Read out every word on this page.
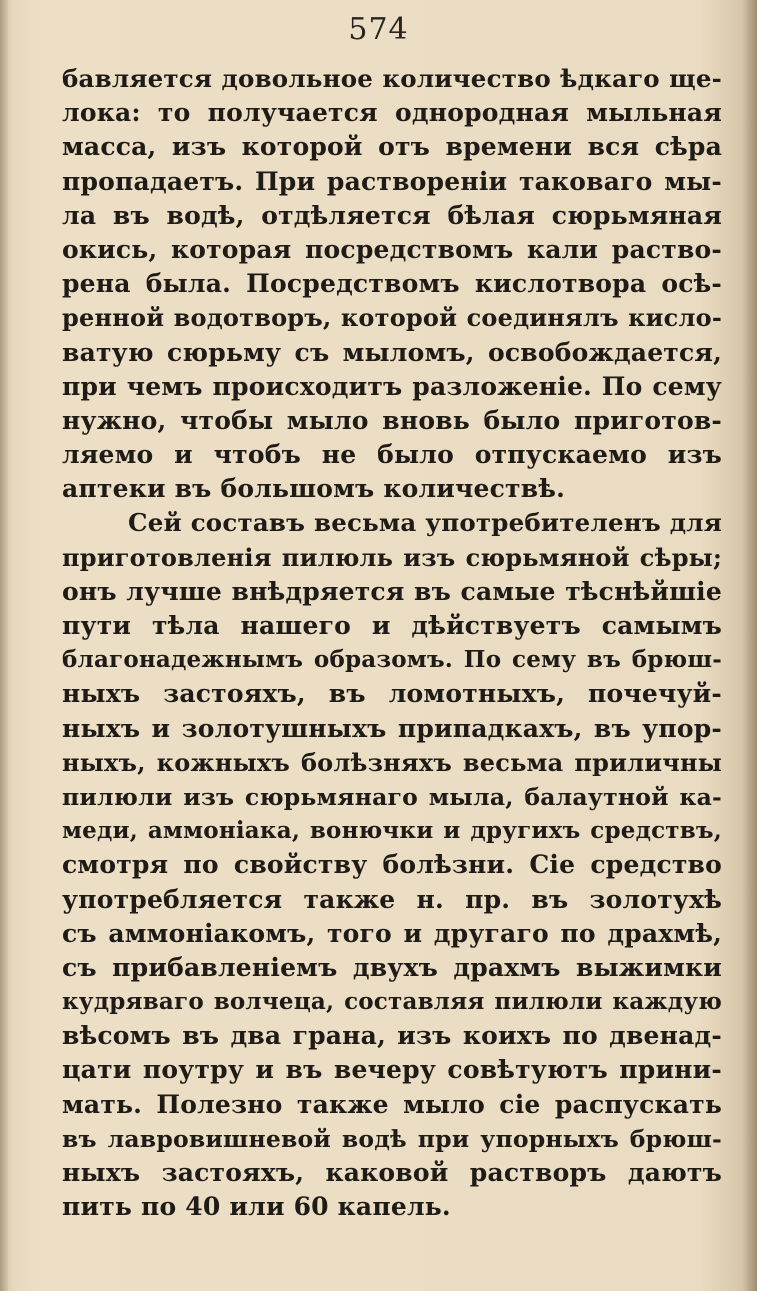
574
бавляется довольное количество ѣдкаго ще-
лока: то получается однородная мыльная
масса, изъ которой отъ времени вся сѣра
пропадаетъ. При раствореніи таковаго мы-
ла въ водѣ, отдѣляется бѣлая сюрьмяная
окись, которая посредствомъ кали раство-
рена была. Посредствомъ кислотвора осѣ-
ренной водотворъ, которой соединялъ кисло-
ватую сюрьму съ мыломъ, освобождается,
при чемъ происходитъ разложеніе. По сему
нужно, чтобы мыло вновь было приготов-
ляемо и чтобъ не было отпускаемо изъ
аптеки въ большомъ количествѣ.
Сей составъ весьма употребителенъ для
приготовленія пилюль изъ сюрьмяной сѣры;
онъ лучше внѣдряется въ самые тѣснѣйшіе
пути тѣла нашего и дѣйствуетъ самымъ
благонадежнымъ образомъ. По сему въ брюш-
ныхъ застояхъ, въ ломотныхъ, почечуй-
ныхъ и золотушныхъ припадкахъ, въ упор-
ныхъ, кожныхъ болѣзняхъ весьма приличны
пилюли изъ сюрьмянаго мыла, балаутной ка-
меди, аммоніака, вонючки и другихъ средствъ,
смотря по свойству болѣзни. Сіе средство
употребляется также н. пр. въ золотухѣ
съ аммоніакомъ, того и другаго по драхмѣ,
съ прибавленіемъ двухъ драхмъ выжимки
кудряваго волчеца, составляя пилюли каждую
вѣсомъ въ два грана, изъ коихъ по двенад-
цати поутру и въ вечеру совѣтуютъ прини-
мать. Полезно также мыло сіе распускать
въ лавровишневой водѣ при упорныхъ брюш-
ныхъ застояхъ, каковой растворъ даютъ
пить по 40 или 60 капель.
